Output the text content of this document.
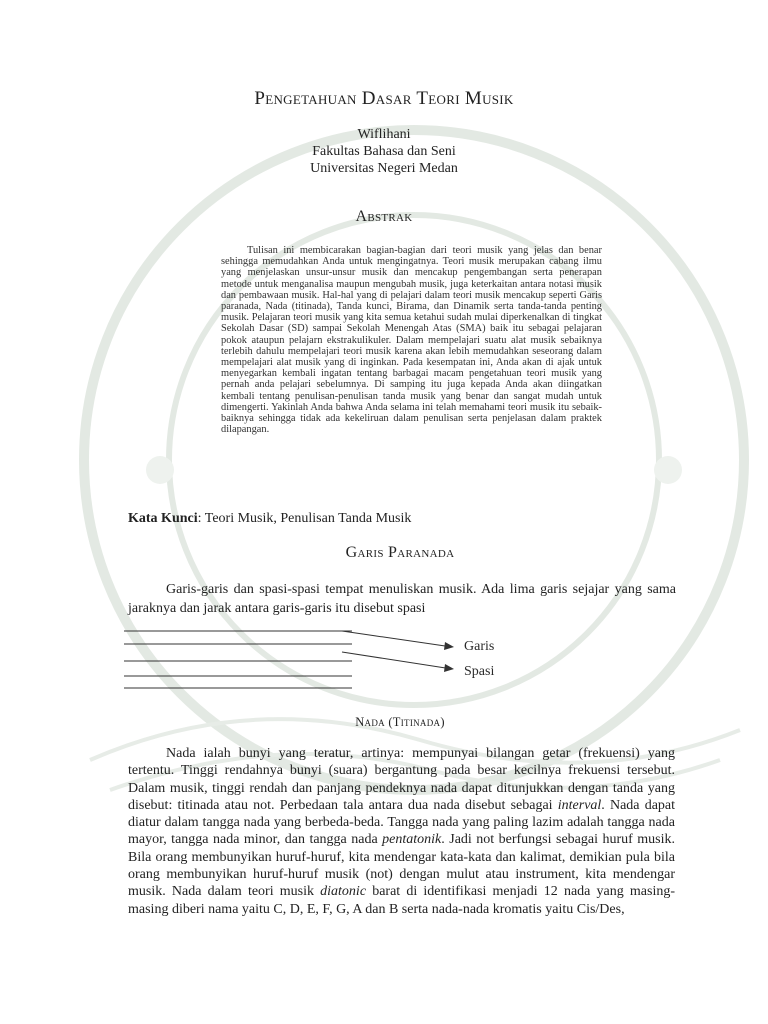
Pengetahuan Dasar Teori Musik
Wiflihani
Fakultas Bahasa dan Seni
Universitas Negeri Medan
Abstrak
Tulisan ini membicarakan bagian-bagian dari teori musik yang jelas dan benar sehingga memudahkan Anda untuk mengingatnya. Teori musik merupakan cabang ilmu yang menjelaskan unsur-unsur musik dan mencakup pengembangan serta penerapan metode untuk menganalisa maupun mengubah musik, juga keterkaitan antara notasi musik dan pembawaan musik. Hal-hal yang di pelajari dalam teori musik mencakup seperti Garis paranada, Nada (titinada), Tanda kunci, Birama, dan Dinamik serta tanda-tanda penting musik. Pelajaran teori musik yang kita semua ketahui sudah mulai diperkenalkan di tingkat Sekolah Dasar (SD) sampai Sekolah Menengah Atas (SMA) baik itu sebagai pelajaran pokok ataupun pelajarn ekstrakulikuler. Dalam mempelajari suatu alat musik sebaiknya terlebih dahulu mempelajari teori musik karena akan lebih memudahkan seseorang dalam mempelajari alat musik yang di inginkan. Pada kesempatan ini, Anda akan di ajak untuk menyegarkan kembali ingatan tentang barbagai macam pengetahuan teori musik yang pernah anda pelajari sebelumnya. Di samping itu juga kepada Anda akan diingatkan kembali tentang penulisan-penulisan tanda musik yang benar dan sangat mudah untuk dimengerti. Yakinlah Anda bahwa Anda selama ini telah memahami teori musik itu sebaik-baiknya sehingga tidak ada kekeliruan dalam penulisan serta penjelasan dalam praktek dilapangan.
Kata Kunci: Teori Musik, Penulisan Tanda Musik
Garis Paranada
Garis-garis dan spasi-spasi tempat menuliskan musik. Ada lima garis sejajar yang sama jaraknya dan jarak antara garis-garis itu disebut spasi
Garis
Spasi
Nada (Titinada)
Nada ialah bunyi yang teratur, artinya: mempunyai bilangan getar (frekuensi) yang tertentu. Tinggi rendahnya bunyi (suara) bergantung pada besar kecilnya frekuensi tersebut. Dalam musik, tinggi rendah dan panjang pendeknya nada dapat ditunjukkan dengan tanda yang disebut: titinada atau not. Perbedaan tala antara dua nada disebut sebagai interval. Nada dapat diatur dalam tangga nada yang berbeda-beda. Tangga nada yang paling lazim adalah tangga nada mayor, tangga nada minor, dan tangga nada pentatonik. Jadi not berfungsi sebagai huruf musik. Bila orang membunyikan huruf-huruf, kita mendengar kata-kata dan kalimat, demikian pula bila orang membunyikan huruf-huruf musik (not) dengan mulut atau instrument, kita mendengar musik. Nada dalam teori musik diatonic barat di identifikasi menjadi 12 nada yang masing-masing diberi nama yaitu C, D, E, F, G, A dan B serta nada-nada kromatis yaitu Cis/Des,
